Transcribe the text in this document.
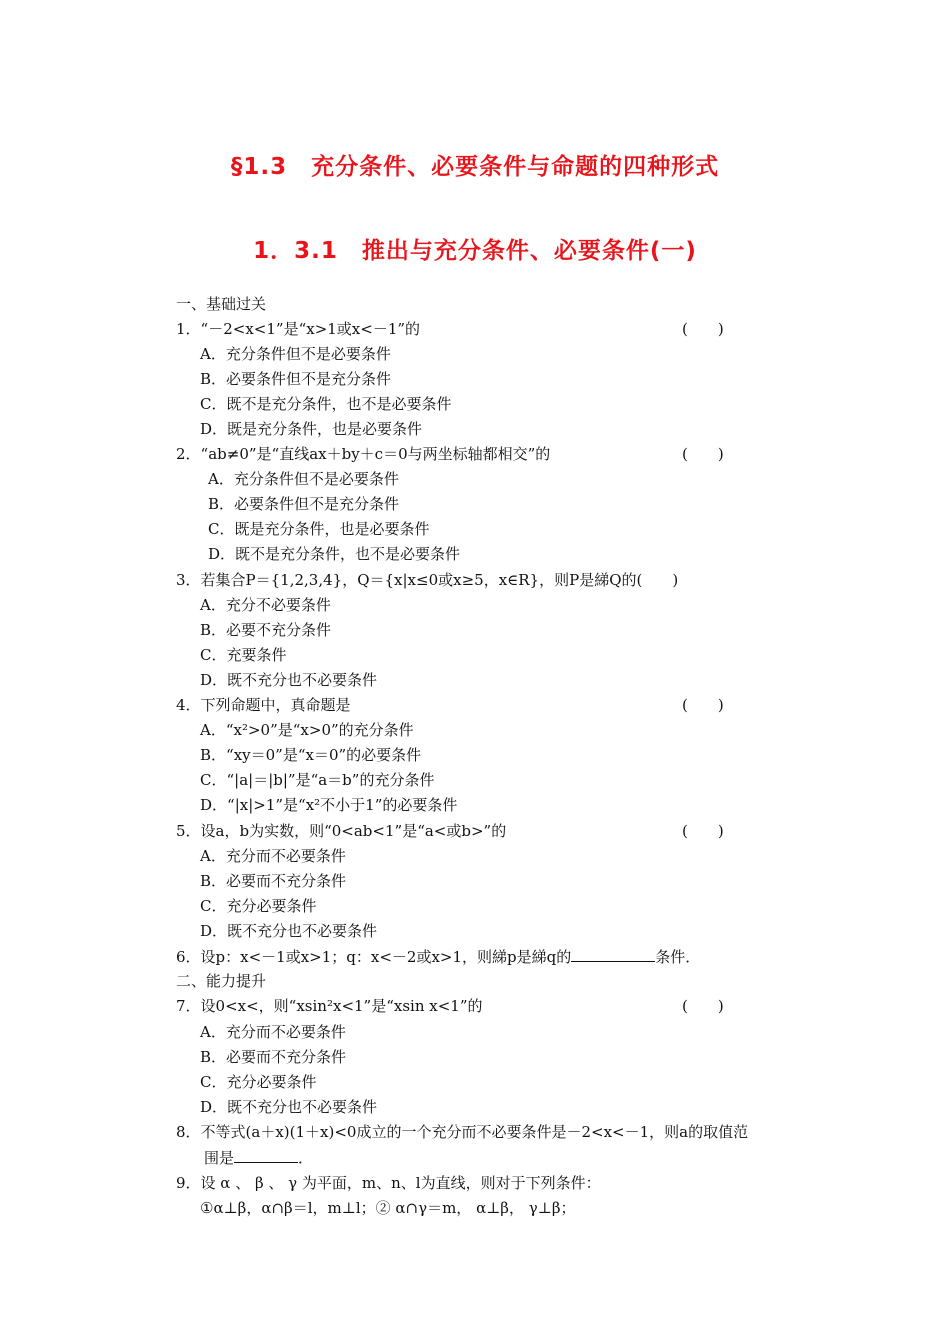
§1.3　充分条件、必要条件与命题的四种形式
1．3.1　推出与充分条件、必要条件(一)
一、基础过关
1．“－2<x<1”是“x>1或x<－1”的	(　　)
A．充分条件但不是必要条件
B．必要条件但不是充分条件
C．既不是充分条件，也不是必要条件
D．既是充分条件，也是必要条件
2．“ab≠0”是“直线ax＋by＋c＝0与两坐标轴都相交”的	(　　)
A．充分条件但不是必要条件
B．必要条件但不是充分条件
C．既是充分条件，也是必要条件
D．既不是充分条件，也不是必要条件
3．若集合P＝{1,2,3,4}，Q＝{x|x≤0或x≥5，x∈R}，则P是綈Q的(　　)
A．充分不必要条件
B．必要不充分条件
C．充要条件
D．既不充分也不必要条件
4．下列命题中，真命题是	(　　)
A．“x²>0”是“x>0”的充分条件
B．“xy＝0”是“x＝0”的必要条件
C．“|a|＝|b|”是“a＝b”的充分条件
D．“|x|>1”是“x²不小于1”的必要条件
5．设a，b为实数，则“0<ab<1”是“a<或b>”的	(　　)
A．充分而不必要条件
B．必要而不充分条件
C．充分必要条件
D．既不充分也不必要条件
6．设p：x<－1或x>1；q：x<－2或x>1，则綈p是綈q的	条件．
二、能力提升
7．设0<x<，则“xsin²x<1”是“xsin x<1”的	(　　)
A．充分而不必要条件
B．必要而不充分条件
C．充分必要条件
D．既不充分也不必要条件
8．不等式(a＋x)(1＋x)<0成立的一个充分而不必要条件是－2<x<－1，则a的取值范
围是	．
9．设 α 、 β 、 γ 为平面，m、n、l为直线，则对于下列条件：
①α⊥β，α∩β＝l，m⊥l；② α∩γ＝m， α⊥β， γ⊥β；
